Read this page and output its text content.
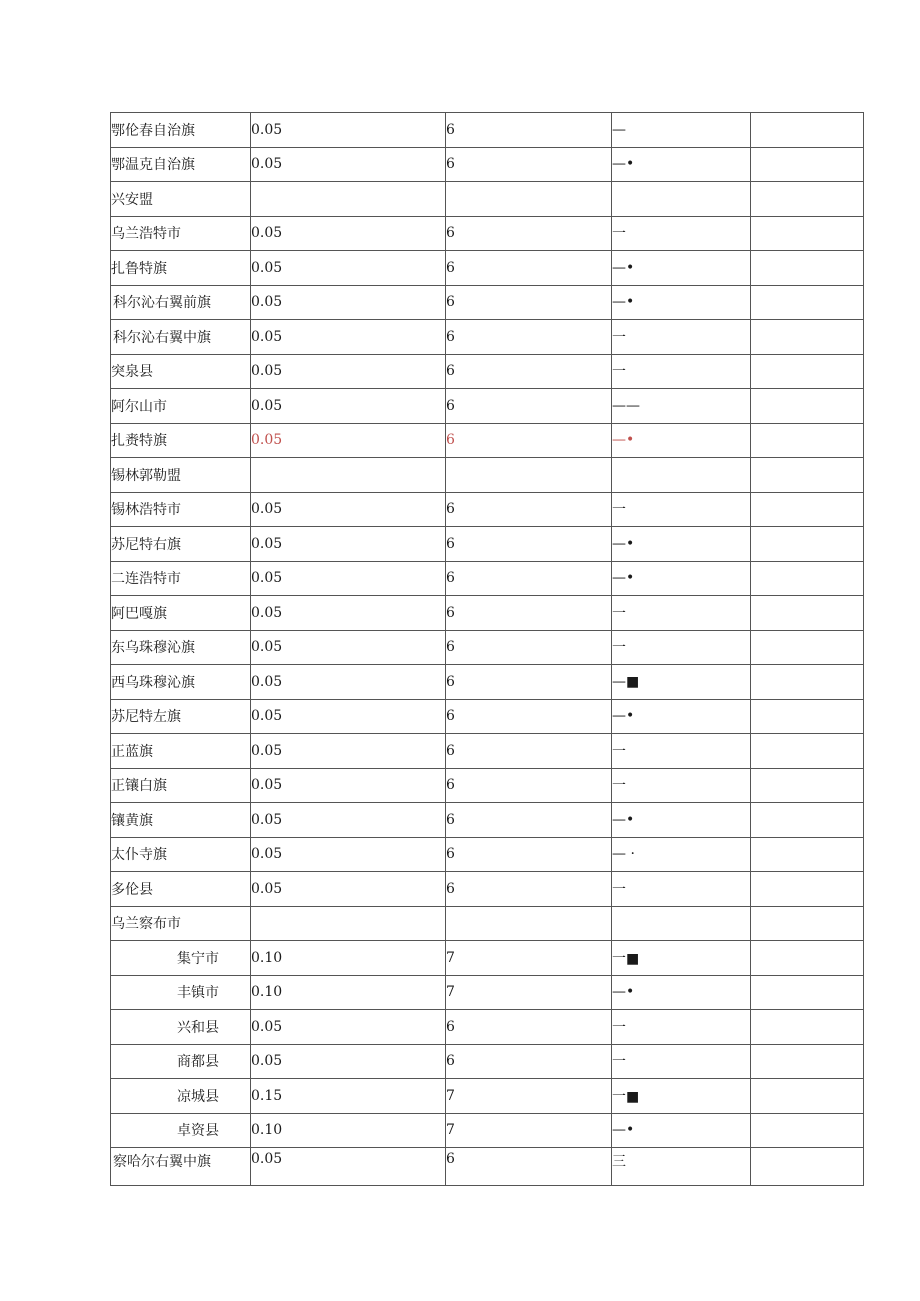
鄂伦春自治旗	0.05	6	—	
鄂温克自治旗	0.05	6	—•	
兴安盟				
乌兰浩特市	0.05	6	一	
扎鲁特旗	0.05	6	—•	
科尔沁右翼前旗	0.05	6	—•	
科尔沁右翼中旗	0.05	6	一	
突泉县	0.05	6	一	
阿尔山市	0.05	6	——	
扎赉特旗	0.05	6	—•	
锡林郭勒盟				
锡林浩特市	0.05	6	一	
苏尼特右旗	0.05	6	—•	
二连浩特市	0.05	6	—•	
阿巴嘎旗	0.05	6	一	
东乌珠穆沁旗	0.05	6	一	
西乌珠穆沁旗	0.05	6	—■	
苏尼特左旗	0.05	6	—•	
正蓝旗	0.05	6	一	
正镶白旗	0.05	6	一	
镶黄旗	0.05	6	—•	
太仆寺旗	0.05	6	— ·	
多伦县	0.05	6	一	
乌兰察布市				
集宁市	0.10	7	一■	
丰镇市	0.10	7	—•	
兴和县	0.05	6	一	
商都县	0.05	6	一	
凉城县	0.15	7	一■	
卓资县	0.10	7	—•	
察哈尔右翼中旗	0.05	6	三	
